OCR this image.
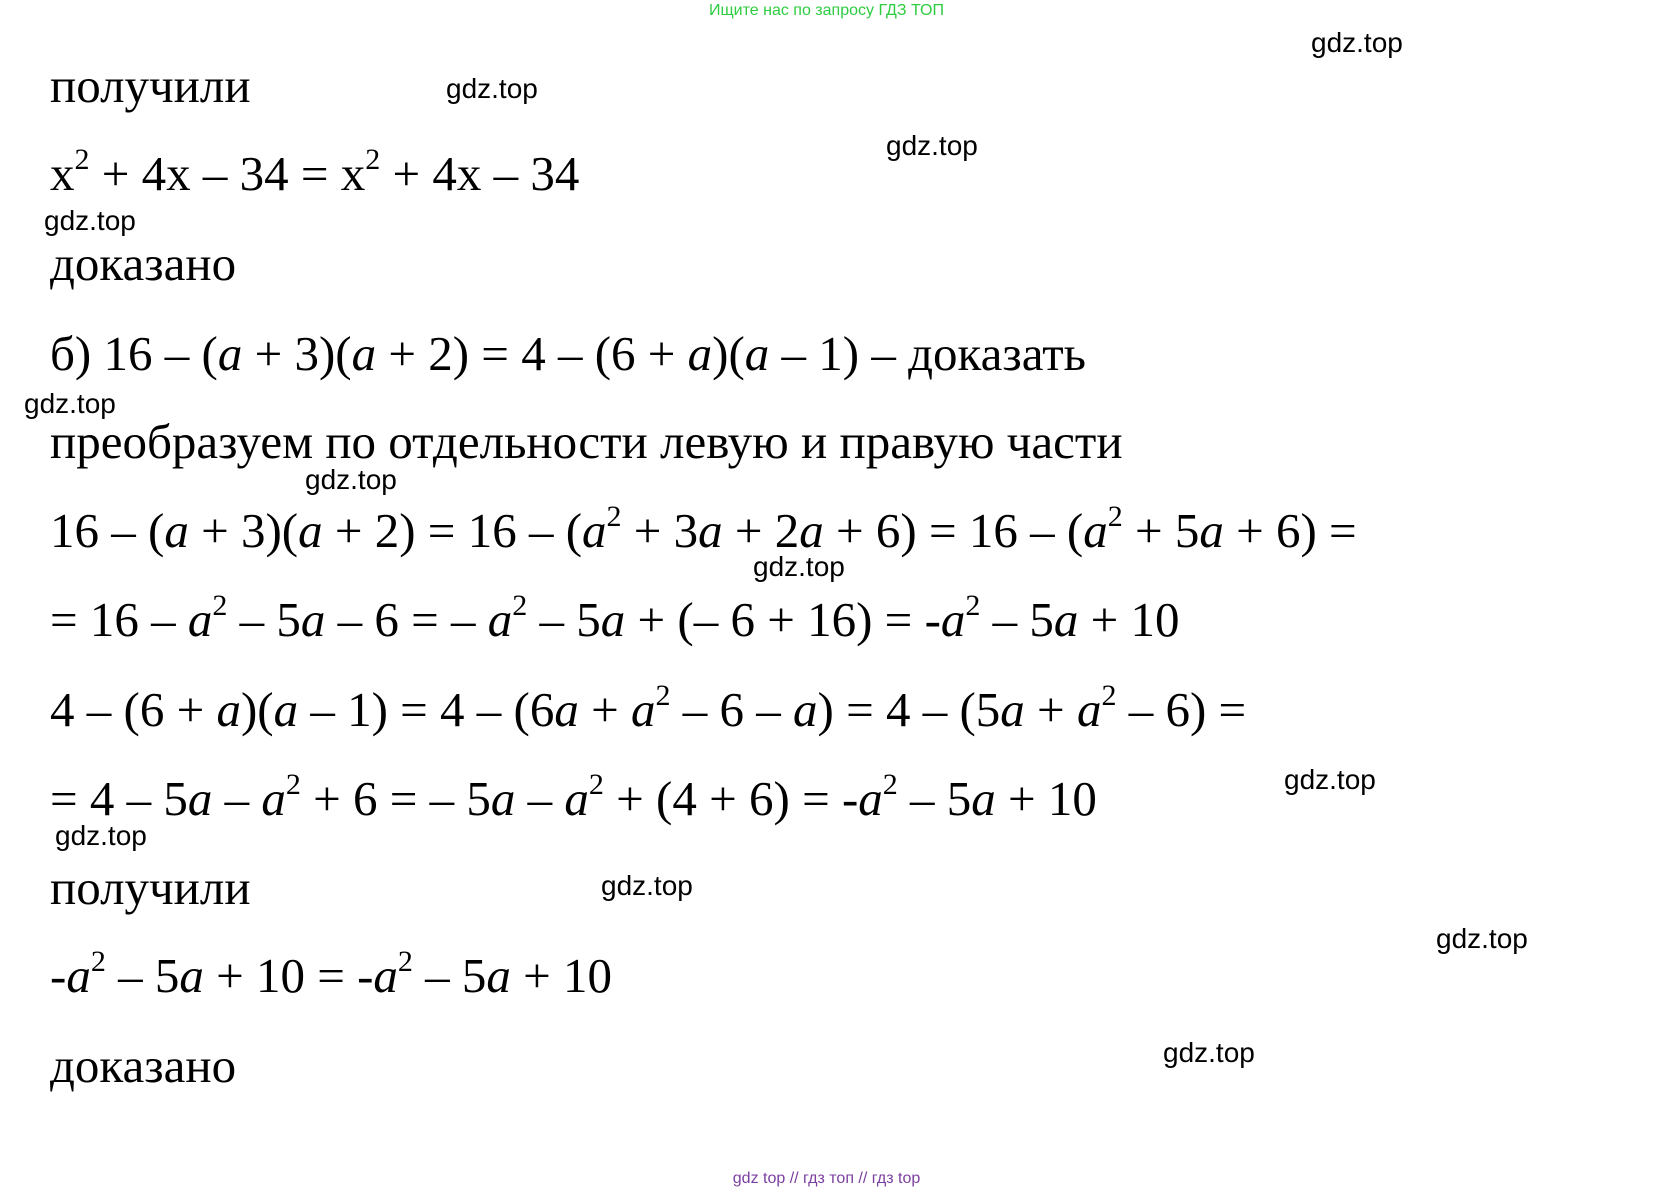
Ищите нас по запросу ГДЗ ТОП
получили
$x^2 + 4x - 34 = x^2 + 4x - 34$
доказано
б) 16 – (a + 3)(a + 2) = 4 – (6 + a)(a – 1) – доказать
преобразуем по отдельности левую и правую части
$16 - (a + 3)(a + 2) = 16 - (a^2 + 3a + 2a + 6) = 16 - (a^2 + 5a + 6)$ =
= $16 - a^2 - 5a - 6$ = – $a^2 - 5a$ + (– $6 + 16) = -a^2 - 5a + 10$
$4 - (6 + a)(a - 1) = 4 - (6a + a^2 - 6 - a) = 4 - (5a + a^2 - 6)$ =
= $4 - 5a - a^2 + 6$ = – $5a - a^2 + (4 + 6) = -a^2 - 5a + 10$
получили
$-a^2 - 5a + 10 = -a^2 - 5a + 10$
доказано
gdz.top
gdz.top
gdz.top
gdz.top
gdz.top
gdz.top
gdz.top
gdz.top
gdz.top
gdz.top
gdz.top
gdz.top
gdz top // гдз топ // гдз top
